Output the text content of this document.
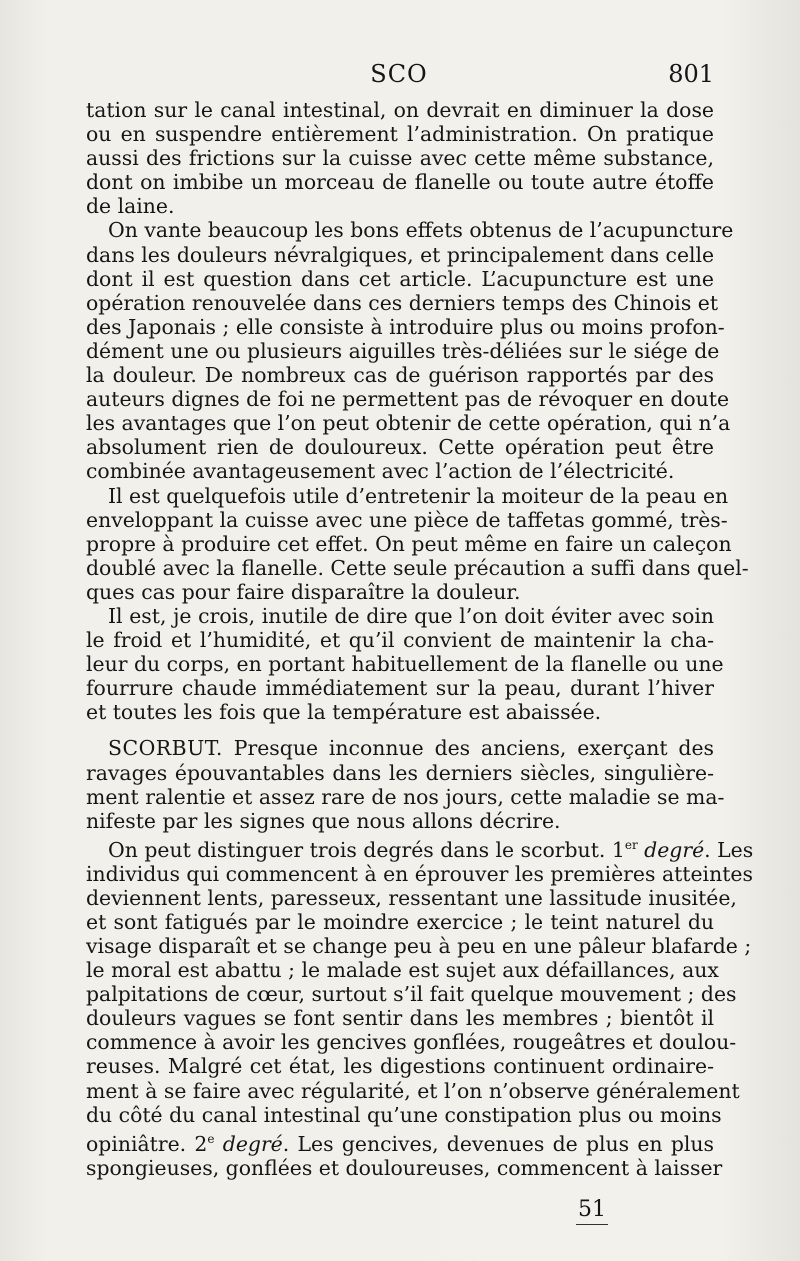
SCO	801

tation sur le canal intestinal, on devrait en diminuer la dose
ou en suspendre entièrement l’administration. On pratique
aussi des frictions sur la cuisse avec cette même substance,
dont on imbibe un morceau de flanelle ou toute autre étoffe
de laine.

On vante beaucoup les bons effets obtenus de l’acupuncture
dans les douleurs névralgiques, et principalement dans celle
dont il est question dans cet article. L’acupuncture est une
opération renouvelée dans ces derniers temps des Chinois et
des Japonais ; elle consiste à introduire plus ou moins profon-
dément une ou plusieurs aiguilles très-déliées sur le siége de
la douleur. De nombreux cas de guérison rapportés par des
auteurs dignes de foi ne permettent pas de révoquer en doute
les avantages que l’on peut obtenir de cette opération, qui n’a
absolument rien de douloureux. Cette opération peut être
combinée avantageusement avec l’action de l’électricité.

Il est quelquefois utile d’entretenir la moiteur de la peau en
enveloppant la cuisse avec une pièce de taffetas gommé, très-
propre à produire cet effet. On peut même en faire un caleçon
doublé avec la flanelle. Cette seule précaution a suffi dans quel-
ques cas pour faire disparaître la douleur.

Il est, je crois, inutile de dire que l’on doit éviter avec soin
le froid et l’humidité, et qu’il convient de maintenir la cha-
leur du corps, en portant habituellement de la flanelle ou une
fourrure chaude immédiatement sur la peau, durant l’hiver
et toutes les fois que la température est abaissée.

SCORBUT. Presque inconnue des anciens, exerçant des
ravages épouvantables dans les derniers siècles, singulière-
ment ralentie et assez rare de nos jours, cette maladie se ma-
nifeste par les signes que nous allons décrire.

On peut distinguer trois degrés dans le scorbut. 1er degré. Les
individus qui commencent à en éprouver les premières atteintes
deviennent lents, paresseux, ressentant une lassitude inusitée,
et sont fatigués par le moindre exercice ; le teint naturel du
visage disparaît et se change peu à peu en une pâleur blafarde ;
le moral est abattu ; le malade est sujet aux défaillances, aux
palpitations de cœur, surtout s’il fait quelque mouvement ; des
douleurs vagues se font sentir dans les membres ; bientôt il
commence à avoir les gencives gonflées, rougeâtres et doulou-
reuses. Malgré cet état, les digestions continuent ordinaire-
ment à se faire avec régularité, et l’on n’observe généralement
du côté du canal intestinal qu’une constipation plus ou moins
opiniâtre. 2e degré. Les gencives, devenues de plus en plus
spongieuses, gonflées et douloureuses, commencent à laisser

51
